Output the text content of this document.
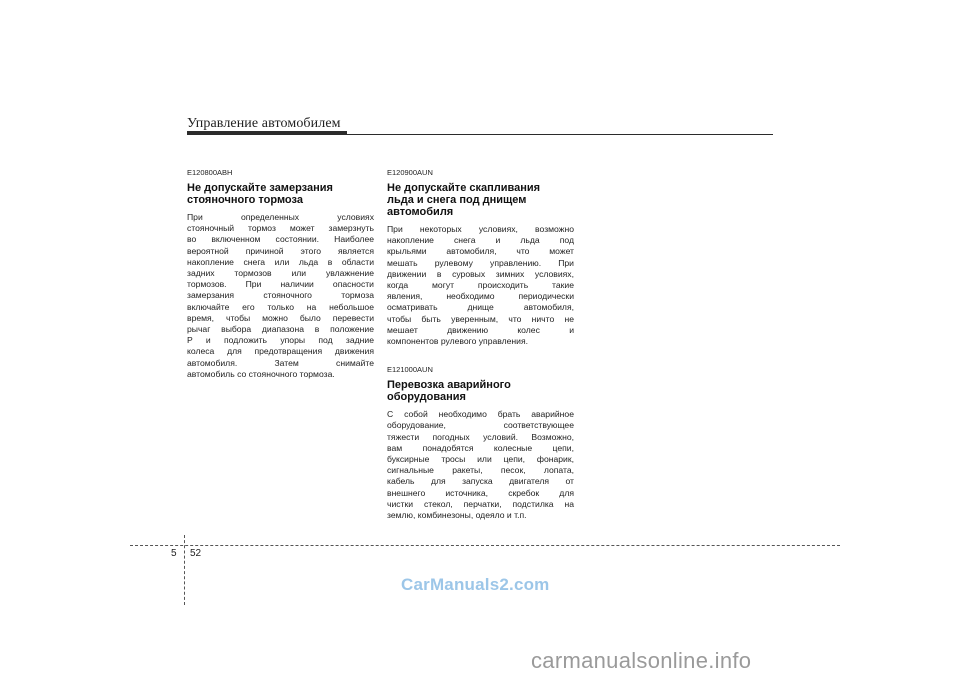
Управление автомобилем
E120800ABH
Не допускайте замерзания
стояночного тормоза
При определенных условиях
стояночный тормоз может замерзнуть
во включенном состоянии. Наиболее
вероятной причиной этого является
накопление снега или льда в области
задних тормозов или увлажнение
тормозов. При наличии опасности
замерзания стояночного тормоза
включайте его только на небольшое
время, чтобы можно было перевести
рычаг выбора диапазона в положение
P и подложить упоры под задние
колеса для предотвращения движения
автомобиля. Затем снимайте
автомобиль со стояночного тормоза.
E120900AUN
Не допускайте скапливания
льда и снега под днищем
автомобиля
При некоторых условиях, возможно
накопление снега и льда под
крыльями автомобиля, что может
мешать рулевому управлению. При
движении в суровых зимних условиях,
когда могут происходить такие
явления, необходимо периодически
осматривать днище автомобиля,
чтобы быть уверенным, что ничто не
мешает движению колес и
компонентов рулевого управления.
E121000AUN
Перевозка аварийного
оборудования
С собой необходимо брать аварийное
оборудование, соответствующее
тяжести погодных условий. Возможно,
вам понадобятся колесные цепи,
буксирные тросы или цепи, фонарик,
сигнальные ракеты, песок, лопата,
кабель для запуска двигателя от
внешнего источника, скребок для
чистки стекол, перчатки, подстилка на
землю, комбинезоны, одеяло и т.п.
5 52
CarManuals2.com
carmanualsonline.info
